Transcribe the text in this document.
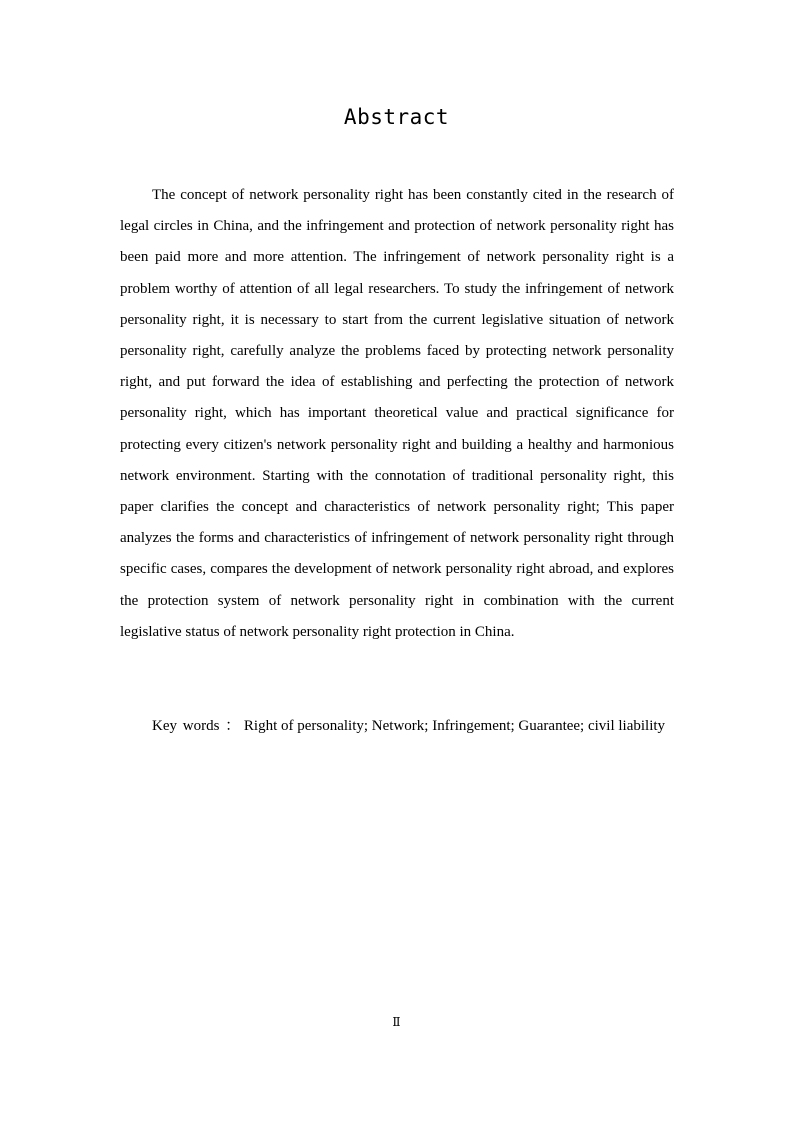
Abstract

The concept of network personality right has been constantly cited in the research of legal circles in China, and the infringement and protection of network personality right has been paid more and more attention. The infringement of network personality right is a problem worthy of attention of all legal researchers. To study the infringement of network personality right, it is necessary to start from the current legislative situation of network personality right, carefully analyze the problems faced by protecting network personality right, and put forward the idea of establishing and perfecting the protection of network personality right, which has important theoretical value and practical significance for protecting every citizen's network personality right and building a healthy and harmonious network environment. Starting with the connotation of traditional personality right, this paper clarifies the concept and characteristics of network personality right; This paper analyzes the forms and characteristics of infringement of network personality right through specific cases, compares the development of network personality right abroad, and explores the protection system of network personality right in combination with the current legislative status of network personality right protection in China.

Key words ： Right of personality; Network; Infringement; Guarantee; civil liability

Ⅱ
